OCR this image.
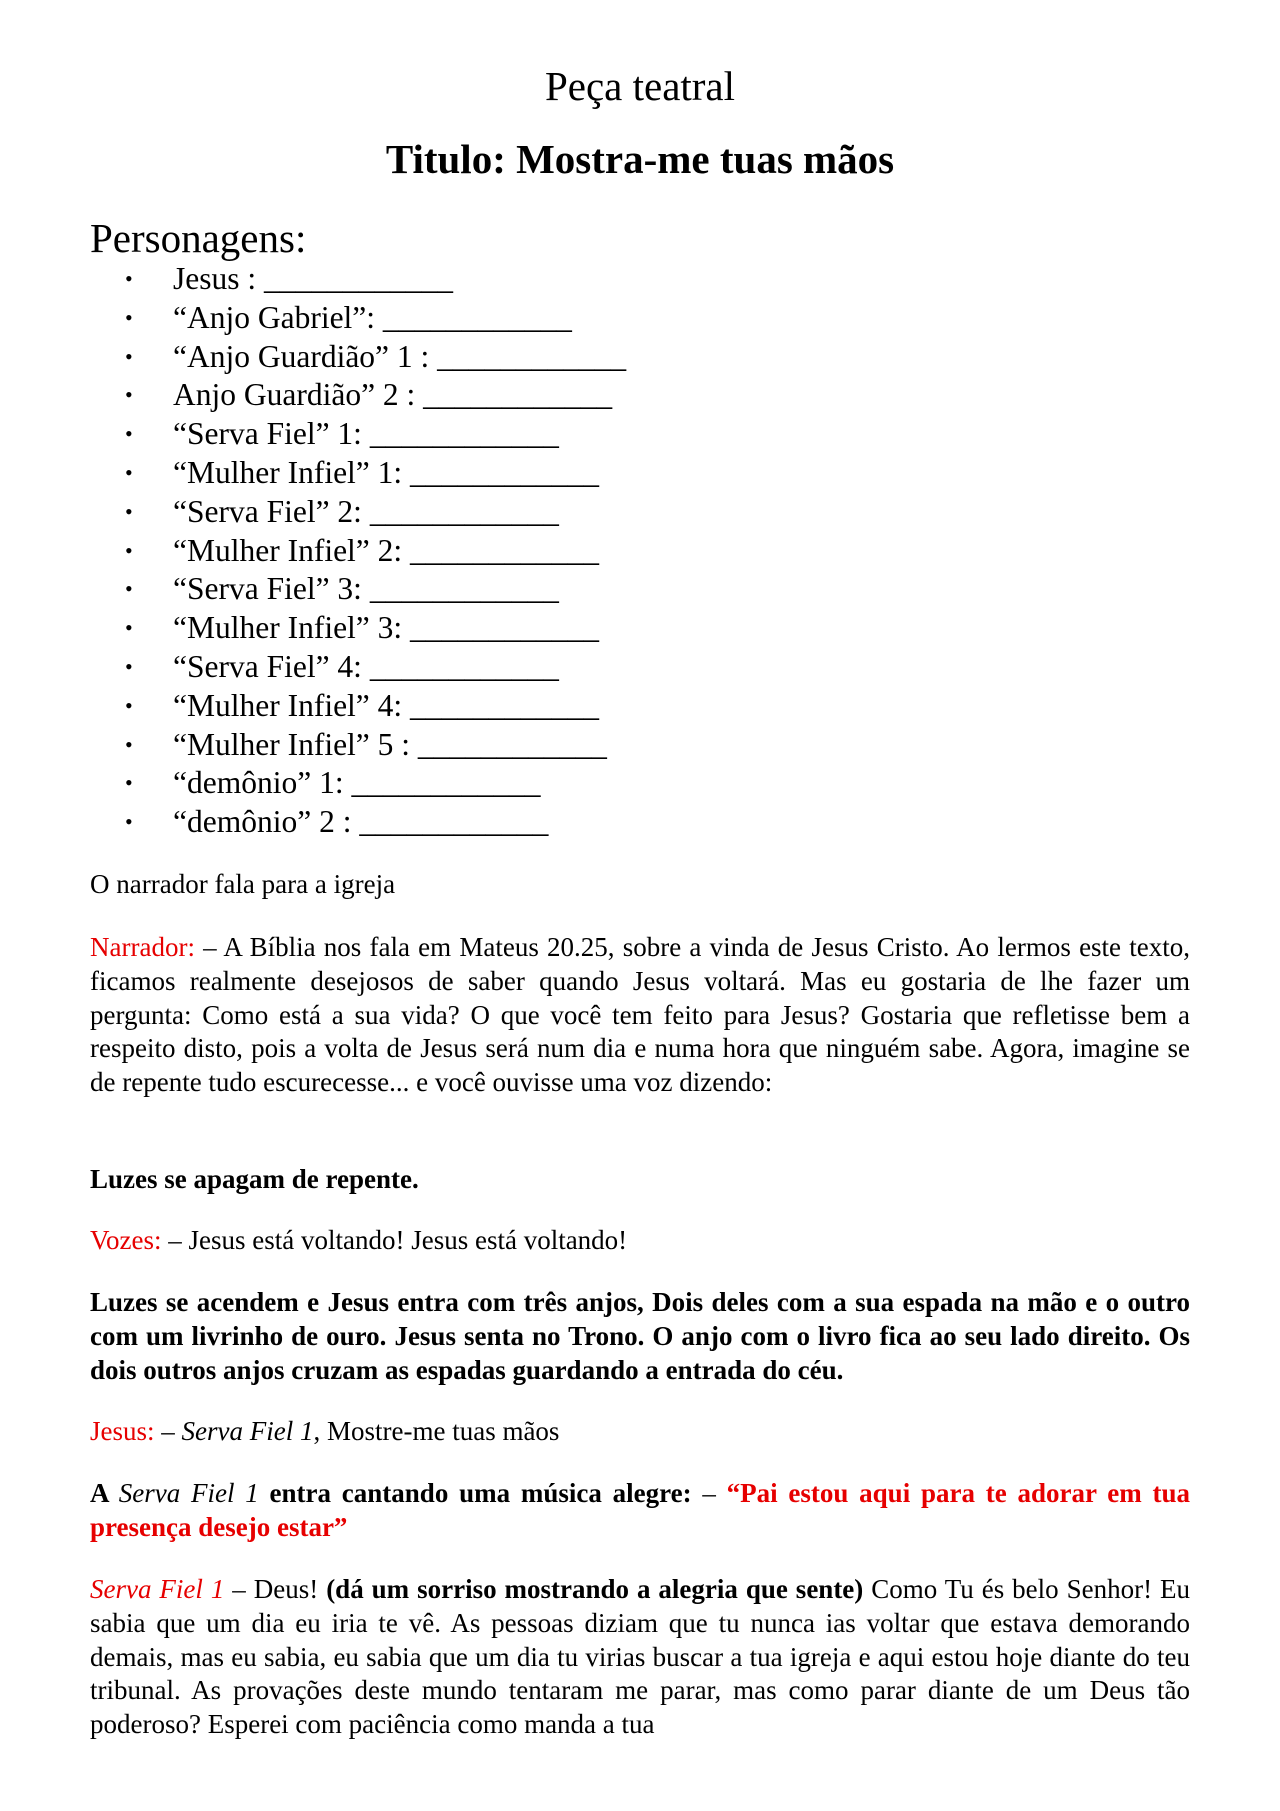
Peça teatral
Titulo: Mostra-me tuas mãos
Personagens:
• Jesus : ____________
• “Anjo Gabriel”: ____________
• “Anjo Guardião” 1 : ____________
• Anjo Guardião” 2 : ____________
• “Serva Fiel” 1: ____________
• “Mulher Infiel” 1: ____________
• “Serva Fiel” 2: ____________
• “Mulher Infiel” 2: ____________
• “Serva Fiel” 3: ____________
• “Mulher Infiel” 3: ____________
• “Serva Fiel” 4: ____________
• “Mulher Infiel” 4: ____________
• “Mulher Infiel” 5 : ____________
• “demônio” 1: ____________
• “demônio” 2 : ____________

O narrador fala para a igreja

Narrador: – A Bíblia nos fala em Mateus 20.25, sobre a vinda de Jesus Cristo. Ao lermos este texto, ficamos realmente desejosos de saber quando Jesus voltará. Mas eu gostaria de lhe fazer um pergunta: Como está a sua vida? O que você tem feito para Jesus? Gostaria que refletisse bem a respeito disto, pois a volta de Jesus será num dia e numa hora que ninguém sabe. Agora, imagine se de repente tudo escurecesse... e você ouvisse uma voz dizendo:

Luzes se apagam de repente.

Vozes: – Jesus está voltando! Jesus está voltando!

Luzes se acendem e Jesus entra com três anjos, Dois deles com a sua espada na mão e o outro com um livrinho de ouro. Jesus senta no Trono. O anjo com o livro fica ao seu lado direito. Os dois outros anjos cruzam as espadas guardando a entrada do céu.

Jesus: – Serva Fiel 1, Mostre-me tuas mãos

A Serva Fiel 1 entra cantando uma música alegre: – “Pai estou aqui para te adorar em tua presença desejo estar”

Serva Fiel 1 – Deus! (dá um sorriso mostrando a alegria que sente) Como Tu és belo Senhor! Eu sabia que um dia eu iria te vê. As pessoas diziam que tu nunca ias voltar que estava demorando demais, mas eu sabia, eu sabia que um dia tu virias buscar a tua igreja e aqui estou hoje diante do teu tribunal. As provações deste mundo tentaram me parar, mas como parar diante de um Deus tão poderoso? Esperei com paciência como manda a tua
